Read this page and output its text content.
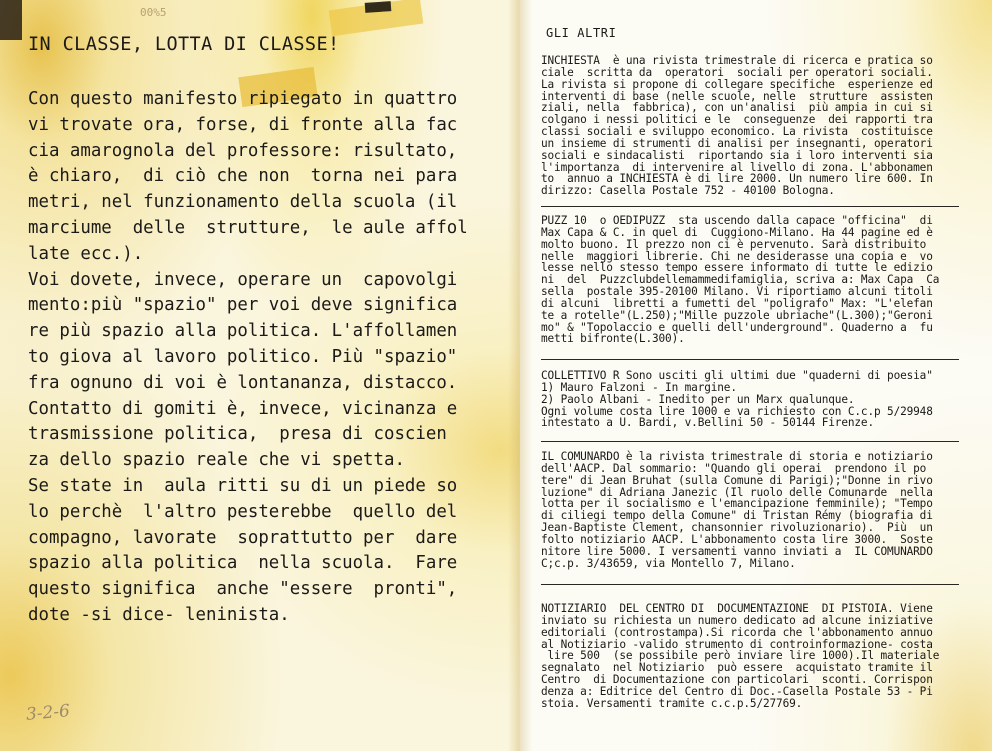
00%5
IN CLASSE, LOTTA DI CLASSE!
Con questo manifesto ripiegato in quattro
vi trovate ora, forse, di fronte alla fac
cia amarognola del professore: risultato,
è chiaro,  di ciò che non  torna nei para
metri, nel funzionamento della scuola (il
marciume  delle  strutture,  le aule affol
late ecc.).
Voi dovete, invece, operare un  capovolgi
mento:più "spazio" per voi deve significa
re più spazio alla politica. L'affollamen
to giova al lavoro politico. Più "spazio"
fra ognuno di voi è lontananza, distacco.
Contatto di gomiti è, invece, vicinanza e
trasmissione politica,  presa di coscien
za dello spazio reale che vi spetta.
Se state in  aula ritti su di un piede so
lo perchè  l'altro pesterebbe  quello del
compagno, lavorate  soprattutto per  dare
spazio alla politica  nella scuola.  Fare
questo significa  anche "essere  pronti",
dote -si dice- leninista.
3-2-6
GLI ALTRI
INCHIESTA  è una rivista trimestrale di ricerca e pratica so
ciale  scritta da  operatori  sociali per operatori sociali.
La rivista si propone di collegare specifiche  esperienze ed
interventi di base (nelle scuole, nelle  strutture  assisten
ziali, nella  fabbrica), con un'analisi  più ampia in cui si
colgano i nessi politici e le  conseguenze  dei rapporti tra
classi sociali e sviluppo economico. La rivista  costituisce
un insieme di strumenti di analisi per insegnanti, operatori
sociali e sindacalisti  riportando sia i loro interventi sia
l'importanza  di intervenire al livello di zona. L'abbonamen
to  annuo a INCHIESTA è di lire 2000. Un numero lire 600. In
dirizzo: Casella Postale 752 - 40100 Bologna.
PUZZ 10  o OEDIPUZZ  sta uscendo dalla capace "officina"  di
Max Capa & C. in quel di  Cuggiono-Milano. Ha 44 pagine ed è
molto buono. Il prezzo non ci è pervenuto. Sarà distribuito
nelle  maggiori librerie. Chi ne desiderasse una copia e  vo
lesse nello stesso tempo essere informato di tutte le edizio
ni  del  Puzzclubdellemammedifamiglia, scriva a: Max Capa  Ca
sella  postale 395-20100 Milano. Vi riportiamo alcuni titoli
di alcuni  libretti a fumetti del "poligrafo" Max: "L'elefan
te a rotelle"(L.250);"Mille puzzole ubriache"(L.300);"Geroni
mo" & "Topolaccio e quelli dell'underground". Quaderno a  fu
metti bifronte(L.300).
COLLETTIVO R Sono usciti gli ultimi due "quaderni di poesia"
1) Mauro Falzoni - In margine.
2) Paolo Albani - Inedito per un Marx qualunque.
Ogni volume costa lire 1000 e va richiesto con C.c.p 5/29948
intestato a U. Bardi, v.Bellini 50 - 50144 Firenze.
IL COMUNARDO è la rivista trimestrale di storia e notiziario
dell'AACP. Dal sommario: "Quando gli operai  prendono il po
tere" di Jean Bruhat (sulla Comune di Parigi);"Donne in rivo
luzione" di Adriana Janezic (Il ruolo delle Comunarde  nella
lotta per il socialismo e l'emancipazione femminile); "Tempo
di ciliegi tempo della Comune" di Tristan Rémy (biografia di
Jean-Baptiste Clement, chansonnier rivoluzionario).  Più  un
folto notiziario AACP. L'abbonamento costa lire 3000.  Soste
nitore lire 5000. I versamenti vanno inviati a  IL COMUNARDO
C;c.p. 3/43659, via Montello 7, Milano.
NOTIZIARIO  DEL CENTRO DI  DOCUMENTAZIONE  DI PISTOIA. Viene
inviato su richiesta un numero dedicato ad alcune iniziative
editoriali (controstampa).Si ricorda che l'abbonamento annuo
al Notiziario -valido strumento di controinformazione- costa
lire 500  (se possibile però inviare lire 1000).Il materiale
segnalato  nel Notiziario  può essere  acquistato tramite il
Centro  di Documentazione con particolari  sconti. Corrispon
denza a: Editrice del Centro di Doc.-Casella Postale 53 - Pi
stoia. Versamenti tramite c.c.p.5/27769.
